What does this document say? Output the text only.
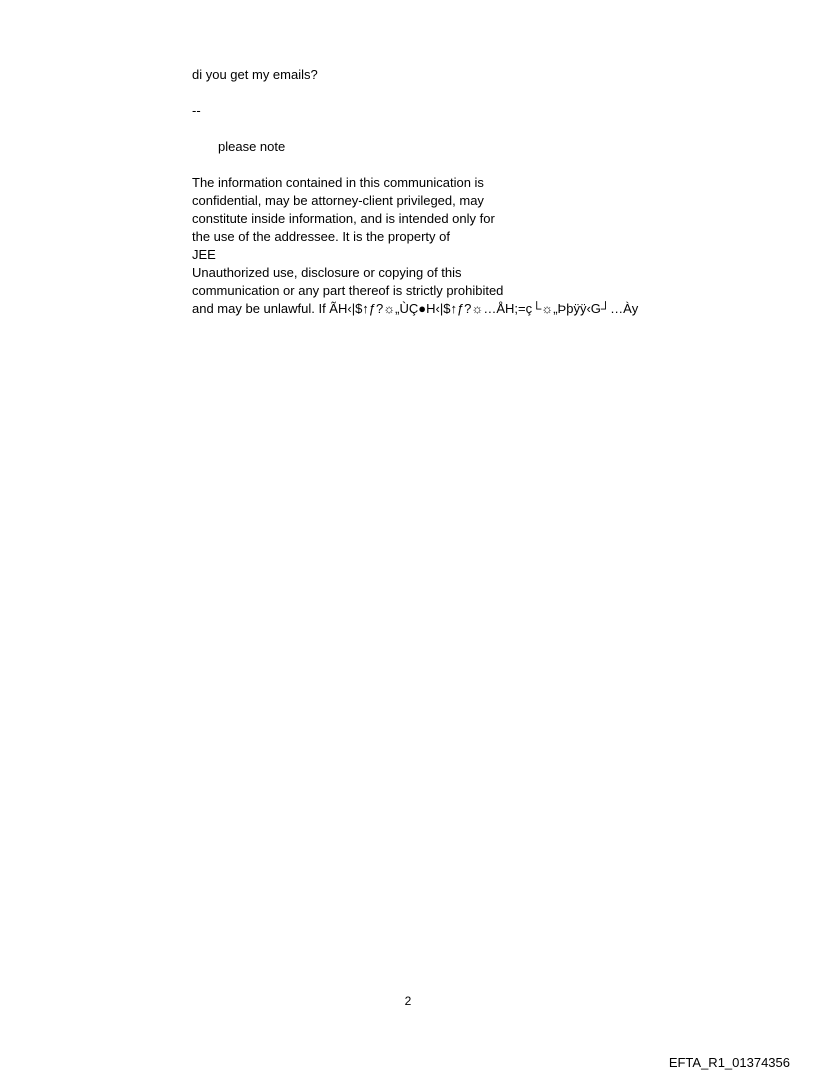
di you get my emails?
--
please note
The information contained in this communication is
confidential, may be attorney-client privileged, may
constitute inside information, and is intended only for
the use of the addressee. It is the property of
JEE
Unauthorized use, disclosure or copying of this
communication or any part thereof is strictly prohibited
and may be unlawful. If ÃH‹|$↑ƒ?☼„ÙÇ●H‹|$↑ƒ?☼…ÅH;=ç└☼„Þþÿÿ‹G┘…Ày
2
EFTA_R1_01374356
